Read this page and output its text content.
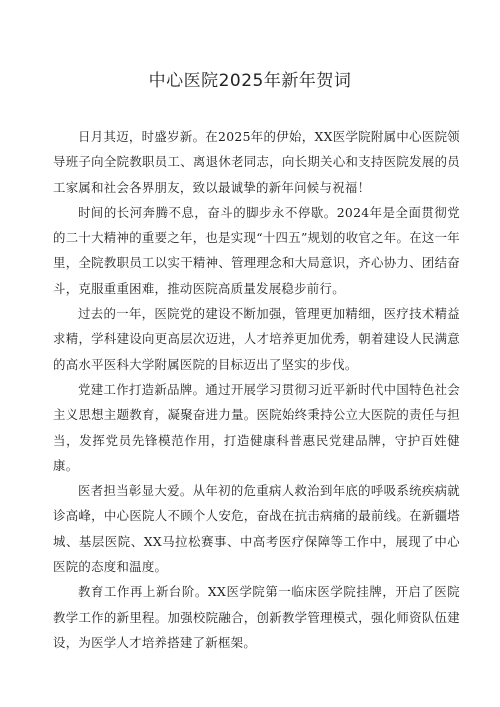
中心医院2025年新年贺词

日月其迈，时盛岁新。在2025年的伊始，XX医学院附属中心医院领导班子向全院教职员工、离退休老同志，向长期关心和支持医院发展的员工家属和社会各界朋友，致以最诚挚的新年问候与祝福！

时间的长河奔腾不息，奋斗的脚步永不停歇。2024年是全面贯彻党的二十大精神的重要之年，也是实现“十四五”规划的收官之年。在这一年里，全院教职员工以实干精神、管理理念和大局意识，齐心协力、团结奋斗，克服重重困难，推动医院高质量发展稳步前行。

过去的一年，医院党的建设不断加强，管理更加精细，医疗技术精益求精，学科建设向更高层次迈进，人才培养更加优秀，朝着建设人民满意的高水平医科大学附属医院的目标迈出了坚实的步伐。

党建工作打造新品牌。通过开展学习贯彻习近平新时代中国特色社会主义思想主题教育，凝聚奋进力量。医院始终秉持公立大医院的责任与担当，发挥党员先锋模范作用，打造健康科普惠民党建品牌，守护百姓健康。

医者担当彰显大爱。从年初的危重病人救治到年底的呼吸系统疾病就诊高峰，中心医院人不顾个人安危，奋战在抗击病痛的最前线。在新疆塔城、基层医院、XX马拉松赛事、中高考医疗保障等工作中，展现了中心医院的态度和温度。

教育工作再上新台阶。XX医学院第一临床医学院挂牌，开启了医院教学工作的新里程。加强校院融合，创新教学管理模式，强化师资队伍建设，为医学人才培养搭建了新框架。
